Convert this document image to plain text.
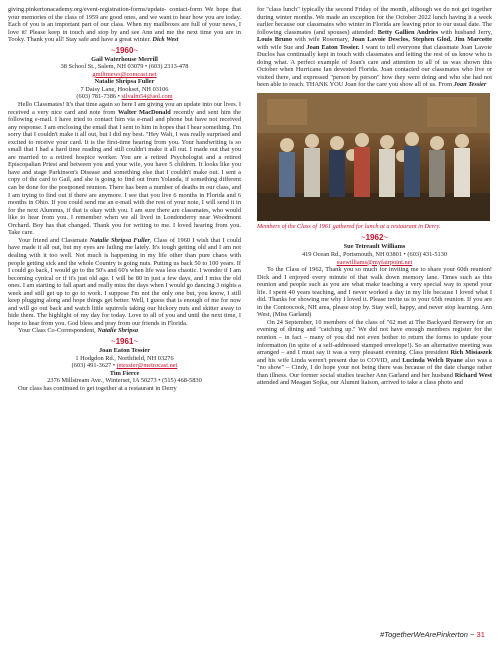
giving.pinkertonacademy.org/event-registration-forms/update- contact-form We hope that your memories of the class of 1959 are good ones, and we want to hear how you are today. Each of you is an important part of our class. When my mailboxes are full of your news, I love it! Please keep in touch and stop by and see Ann and me the next time you are in Tooky. Thank you all! Stay safe and have a great winter. Dick West

~1960~
Gail Waterhouse Merrill
38 School St., Salem, NH 03079 • (603) 2313-478
gmiltmews@comcast.net

Natalie Shripsa Fuller
7 Daisy Lane, Hookset, NH 03106
(603) 781-7386 • silvalm54@aol.com

Hello Classmates! It's that time again so here I am giving you an update into our lives. I received a very nice card and note from Walter MacDonald recently and sent him the following e-mail. I have tried to contact him via e-mail and phone but have not received any response. I am enclosing the email that I sent to him in hopes that I hear something. I'm sorry that I couldn't make it all out, but I did my best. "Hey Walt, I was really surprised and excited to receive your card. It is the first-time hearing from you. Your handwriting is so small that I had a hard time reading and still couldn't make it all out. I made out that you are married to a retired hospice worker. You are a retired Psychologist and a retired Episcopalian Priest and between you and your wife, you have 5 children. It looks like you have and stage Parkinson's Disease and something else that I couldn't make out. I sent a copy of the card to Gail, and she is going to find out from Yolanda, if something different can be done for the postponed reunion. There has been a number of deaths in our class, and I am trying to find out if there are anymore. I see that you live 6 months in Florida and 6 months in Ohio. If you could send me an e-mail with the rest of your note, I will send it in for the next Alumnus, if that is okay with you. I am sure there are classmates, who would like to hear from you. I remember when we all lived in Londonderry near Woodmont Orchard. Boy has that changed. Thank you for writing to me. I loved hearing from you. Take care.

Your friend and Classmate Natalie Shripsa Fuller, Class of 1960 I wish that I could have made it all out, but my eyes are failing me lately. It's tough getting old and I am not dealing with it too well. Not much is happening in my life other than pure chaos with people getting sick and the whole Country is going nuts. Putting us back 50 to 100 years. If I could go back, I would go to the 50's and 60's when life was less chaotic. I wonder if I am becoming cynical or if it's just old age. I will be 80 in just a few days, and I miss the old ones. I am starting to fall apart and really miss the days when I would go dancing 3 nights a week and still get up to go to work. I suppose I'm not the only one but, you know, I still keep plugging along and hope things get better. Well, I guess that is enough of me for now and will go out back and watch little squirrels taking our hickory nuts and skitter away to hide them. The highlight of my day for today. Love to all of you and until the next time, I hope to hear from you. God bless and pray from our friends in Florida.

Your Class Co-Correspondent, Natalie Shripsa

~1961~
Joan Eaton Tessier
1 Hodgdon Rd., Northfield, NH 03276
(603) 491-3627 • jetessier@metrocast.net

Tim Fierce
2376 Millstream Ave., Winterset, IA 50273 • (515) 468-5830

Our class has continued to get together at a restaurant in Derry

for "class lunch" typically the second Friday of the month, although we do not get together during winter months. We made an exception for the October 2022 lunch having it a week earlier because our classmates who winter in Florida are leaving prior to our usual date. The following classmates (and spouses) attended: Betty Gallien Andries with husband Jerry, Louis Bruno with wife Rosemary, Joan Lavoie Desclos, Stephen Glod, Jim Marcotte with wife Sue and Joan Eaton Tessier. I want to tell everyone that classmate Joan Lavoie Duclos has continually kept in touch with classmates and letting the rest of us know who is doing what. A perfect example of Joan's care and attention to all of us was shown this October when Hurricane Ian devested Florida. Joan contacted our classmates who live or visited there, and expressed "person by person" how they were doing and who she had not been able to reach. THANK YOU Joan for the care you show all of us. From Joan Tessier

Members of the Class of 1961 gathered for lunch at a restaurant in Derry.
~1962~
Sue Tetreault Williams
419 Ocean Rd., Portsmouth, NH 03801 • (603) 431-5130
suewilliams@myfairpoint.net

To the Class of 1962, Thank you so much for inviting me to share your 60th reunion! Dick and I enjoyed every minute of that walk down memory lane. Times such as this reunion and people such as you are what make teaching a very special way to spend your life. I spent 40 years teaching, and I never worked a day in my life because I loved what I did. Thanks for showing me why I loved it. Please invite us to your 65th reunion. If you are in the Contoocook, NH area, please stop by. Stay well, happy, and never stop learning. Ann West, (Miss Garland)

On 24 September, 10 members of the class of "62 met at The Backyard Brewery for an evening of dining and "catching up." We did not have enough members register for the reunion – in fact – many of you did not even bother to return the forms to update your information (in spite of a self-addressed stamped envelope!). So an alternative meeting was arranged – and I must say it was a very pleasant evening. Class president Rich Misiaszek and his wife Linda weren't present due to COVID, and Lucinda Welch Ryane also was a "no show" – Cindy, I do hope your not being there was because of the date change rather than illness. Our former social studies teacher Ann Garland and her husband Richard West attended and Meagan Sojka, our Alumni liaison, arrived to take a class photo and

#TogetherWeArePinkerton ~ 31
